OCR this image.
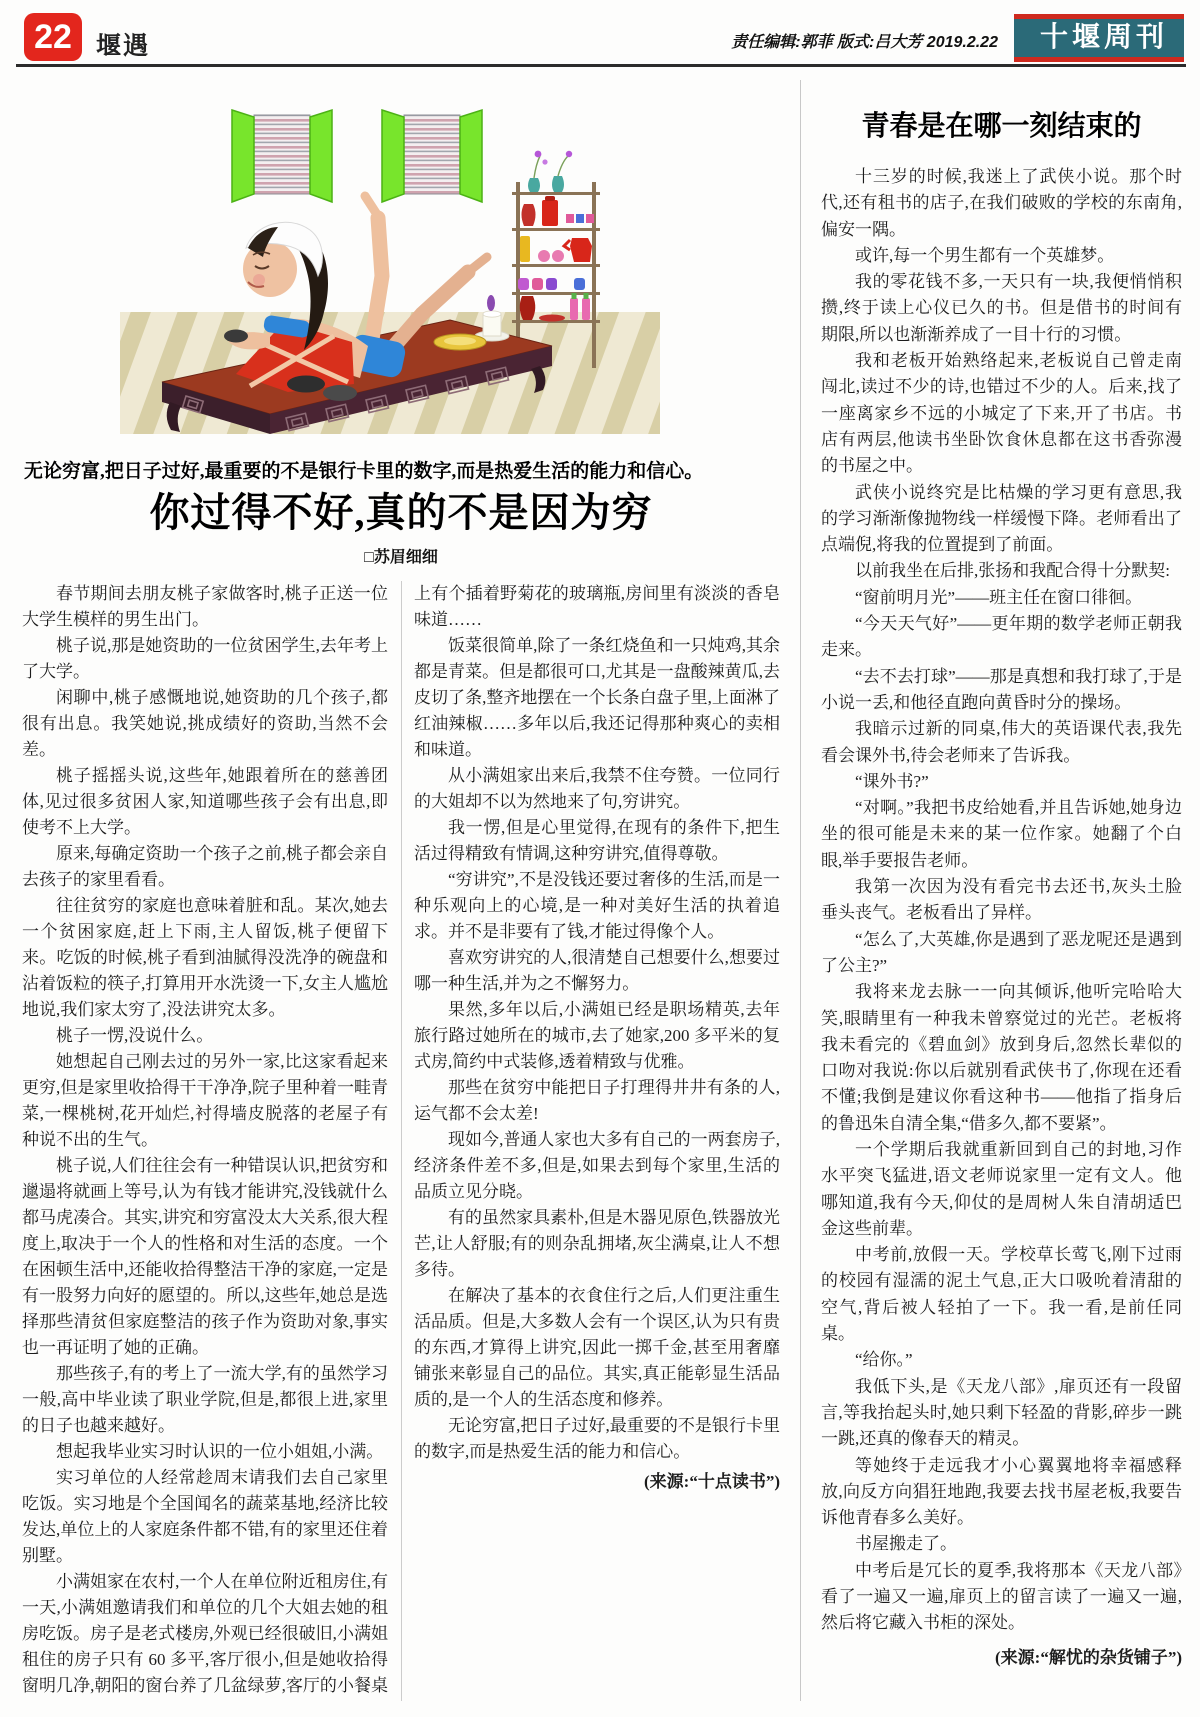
22 堰遇	责任编辑:郭菲 版式:吕大芳 2019.2.22	十堰周刊

无论穷富,把日子过好,最重要的不是银行卡里的数字,而是热爱生活的能力和信心。

你过得不好,真的不是因为穷
□苏眉细细

春节期间去朋友桃子家做客时,桃子正送一位大学生模样的男生出门。

桃子说,那是她资助的一位贫困学生,去年考上了大学。

闲聊中,桃子感慨地说,她资助的几个孩子,都很有出息。我笑她说,挑成绩好的资助,当然不会差。

桃子摇摇头说,这些年,她跟着所在的慈善团体,见过很多贫困人家,知道哪些孩子会有出息,即使考不上大学。

原来,每确定资助一个孩子之前,桃子都会亲自去孩子的家里看看。

往往贫穷的家庭也意味着脏和乱。某次,她去一个贫困家庭,赶上下雨,主人留饭,桃子便留下来。吃饭的时候,桃子看到油腻得没洗净的碗盘和沾着饭粒的筷子,打算用开水洗烫一下,女主人尴尬地说,我们家太穷了,没法讲究太多。

桃子一愣,没说什么。

她想起自己刚去过的另外一家,比这家看起来更穷,但是家里收拾得干干净净,院子里种着一畦青菜,一棵桃树,花开灿烂,衬得墙皮脱落的老屋子有种说不出的生气。

桃子说,人们往往会有一种错误认识,把贫穷和邋遢将就画上等号,认为有钱才能讲究,没钱就什么都马虎凑合。其实,讲究和穷富没太大关系,很大程度上,取决于一个人的性格和对生活的态度。一个在困顿生活中,还能收拾得整洁干净的家庭,一定是有一股努力向好的愿望的。所以,这些年,她总是选择那些清贫但家庭整洁的孩子作为资助对象,事实也一再证明了她的正确。

那些孩子,有的考上了一流大学,有的虽然学习一般,高中毕业读了职业学院,但是,都很上进,家里的日子也越来越好。

想起我毕业实习时认识的一位小姐姐,小满。

实习单位的人经常趁周末请我们去自己家里吃饭。实习地是个全国闻名的蔬菜基地,经济比较发达,单位上的人家庭条件都不错,有的家里还住着别墅。

小满姐家在农村,一个人在单位附近租房住,有一天,小满姐邀请我们和单位的几个大姐去她的租房吃饭。房子是老式楼房,外观已经很破旧,小满姐租住的房子只有 60 多平,客厅很小,但是她收拾得窗明几净,朝阳的窗台养了几盆绿萝,客厅的小餐桌上有个插着野菊花的玻璃瓶,房间里有淡淡的香皂味道……

饭菜很简单,除了一条红烧鱼和一只炖鸡,其余都是青菜。但是都很可口,尤其是一盘酸辣黄瓜,去皮切了条,整齐地摆在一个长条白盘子里,上面淋了红油辣椒……多年以后,我还记得那种爽心的卖相和味道。

从小满姐家出来后,我禁不住夸赞。一位同行的大姐却不以为然地来了句,穷讲究。

我一愣,但是心里觉得,在现有的条件下,把生活过得精致有情调,这种穷讲究,值得尊敬。

“穷讲究”,不是没钱还要过奢侈的生活,而是一种乐观向上的心境,是一种对美好生活的执着追求。并不是非要有了钱,才能过得像个人。

喜欢穷讲究的人,很清楚自己想要什么,想要过哪一种生活,并为之不懈努力。

果然,多年以后,小满姐已经是职场精英,去年旅行路过她所在的城市,去了她家,200 多平米的复式房,简约中式装修,透着精致与优雅。

那些在贫穷中能把日子打理得井井有条的人,运气都不会太差!

现如今,普通人家也大多有自己的一两套房子,经济条件差不多,但是,如果去到每个家里,生活的品质立见分晓。

有的虽然家具素朴,但是木器见原色,铁器放光芒,让人舒服;有的则杂乱拥堵,灰尘满桌,让人不想多待。

在解决了基本的衣食住行之后,人们更注重生活品质。但是,大多数人会有一个误区,认为只有贵的东西,才算得上讲究,因此一掷千金,甚至用奢靡铺张来彰显自己的品位。其实,真正能彰显生活品质的,是一个人的生活态度和修养。

无论穷富,把日子过好,最重要的不是银行卡里的数字,而是热爱生活的能力和信心。

(来源:“十点读书”)

青春是在哪一刻结束的

十三岁的时候,我迷上了武侠小说。那个时代,还有租书的店子,在我们破败的学校的东南角,偏安一隅。

或许,每一个男生都有一个英雄梦。

我的零花钱不多,一天只有一块,我便悄悄积攒,终于读上心仪已久的书。但是借书的时间有期限,所以也渐渐养成了一目十行的习惯。

我和老板开始熟络起来,老板说自己曾走南闯北,读过不少的诗,也错过不少的人。后来,找了一座离家乡不远的小城定了下来,开了书店。书店有两层,他读书坐卧饮食休息都在这书香弥漫的书屋之中。

武侠小说终究是比枯燥的学习更有意思,我的学习渐渐像抛物线一样缓慢下降。老师看出了点端倪,将我的位置提到了前面。

以前我坐在后排,张扬和我配合得十分默契:

“窗前明月光”——班主任在窗口徘徊。

“今天天气好”——更年期的数学老师正朝我走来。

“去不去打球”——那是真想和我打球了,于是小说一丢,和他径直跑向黄昏时分的操场。

我暗示过新的同桌,伟大的英语课代表,我先看会课外书,待会老师来了告诉我。

“课外书?”

“对啊。”我把书皮给她看,并且告诉她,她身边坐的很可能是未来的某一位作家。她翻了个白眼,举手要报告老师。

我第一次因为没有看完书去还书,灰头土脸垂头丧气。老板看出了异样。

“怎么了,大英雄,你是遇到了恶龙呢还是遇到了公主?”

我将来龙去脉一一向其倾诉,他听完哈哈大笑,眼睛里有一种我未曾察觉过的光芒。老板将我未看完的《碧血剑》放到身后,忽然长辈似的口吻对我说:你以后就别看武侠书了,你现在还看不懂;我倒是建议你看这种书——他指了指身后的鲁迅朱自清全集,“借多久,都不要紧”。

一个学期后我就重新回到自己的封地,习作水平突飞猛进,语文老师说家里一定有文人。他哪知道,我有今天,仰仗的是周树人朱自清胡适巴金这些前辈。

中考前,放假一天。学校草长莺飞,刚下过雨的校园有湿濡的泥土气息,正大口吸吮着清甜的空气,背后被人轻拍了一下。我一看,是前任同桌。

“给你。”

我低下头,是《天龙八部》,扉页还有一段留言,等我抬起头时,她只剩下轻盈的背影,碎步一跳一跳,还真的像春天的精灵。

等她终于走远我才小心翼翼地将幸福感释放,向反方向猖狂地跑,我要去找书屋老板,我要告诉他青春多么美好。

书屋搬走了。

中考后是冗长的夏季,我将那本《天龙八部》看了一遍又一遍,扉页上的留言读了一遍又一遍,然后将它藏入书柜的深处。

(来源:“解忧的杂货铺子”)
